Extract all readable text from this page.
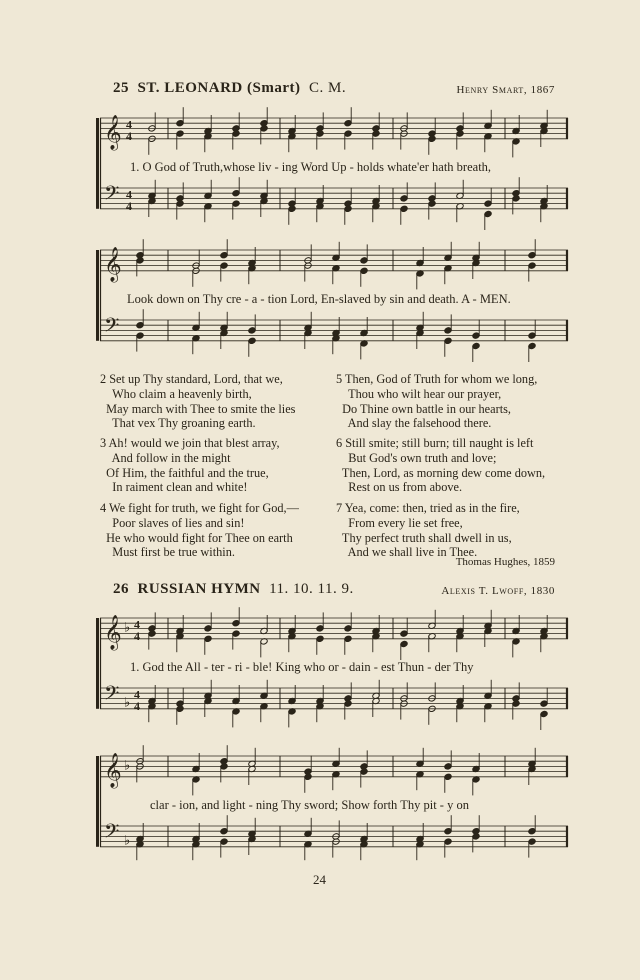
25 ST. LEONARD (Smart) C. M.	Henry Smart, 1867
𝄞
𝄢
4
4
4
4
1. O God of Truth,whose liv - ing Word Up - holds whate'er hath breath,
𝄞
𝄢
Look down on Thy cre - a - tion Lord, En-slaved by sin and death. A - MEN.
2 Set up Thy standard, Lord, that we,
Who claim a heavenly birth,
May march with Thee to smite the lies
That vex Thy groaning earth.
3 Ah! would we join that blest array,
And follow in the might
Of Him, the faithful and the true,
In raiment clean and white!
4 We fight for truth, we fight for God,—
Poor slaves of lies and sin!
He who would fight for Thee on earth
Must first be true within.
5 Then, God of Truth for whom we long,
Thou who wilt hear our prayer,
Do Thine own battle in our hearts,
And slay the falsehood there.
6 Still smite; still burn; till naught is left
But God's own truth and love;
Then, Lord, as morning dew come down,
Rest on us from above.
7 Yea, come: then, tried as in the fire,
From every lie set free,
Thy perfect truth shall dwell in us,
And we shall live in Thee.
Thomas Hughes, 1859
26 RUSSIAN HYMN 11. 10. 11. 9.	Alexis T. Lwoff, 1830
𝄞
𝄢
4
4
4
4
♭
♭
1. God the All - ter - ri - ble! King who or - dain - est Thun - der Thy
𝄞
𝄢
♭
♭
clar - ion, and light - ning Thy sword; Show forth Thy pit - y on
24
